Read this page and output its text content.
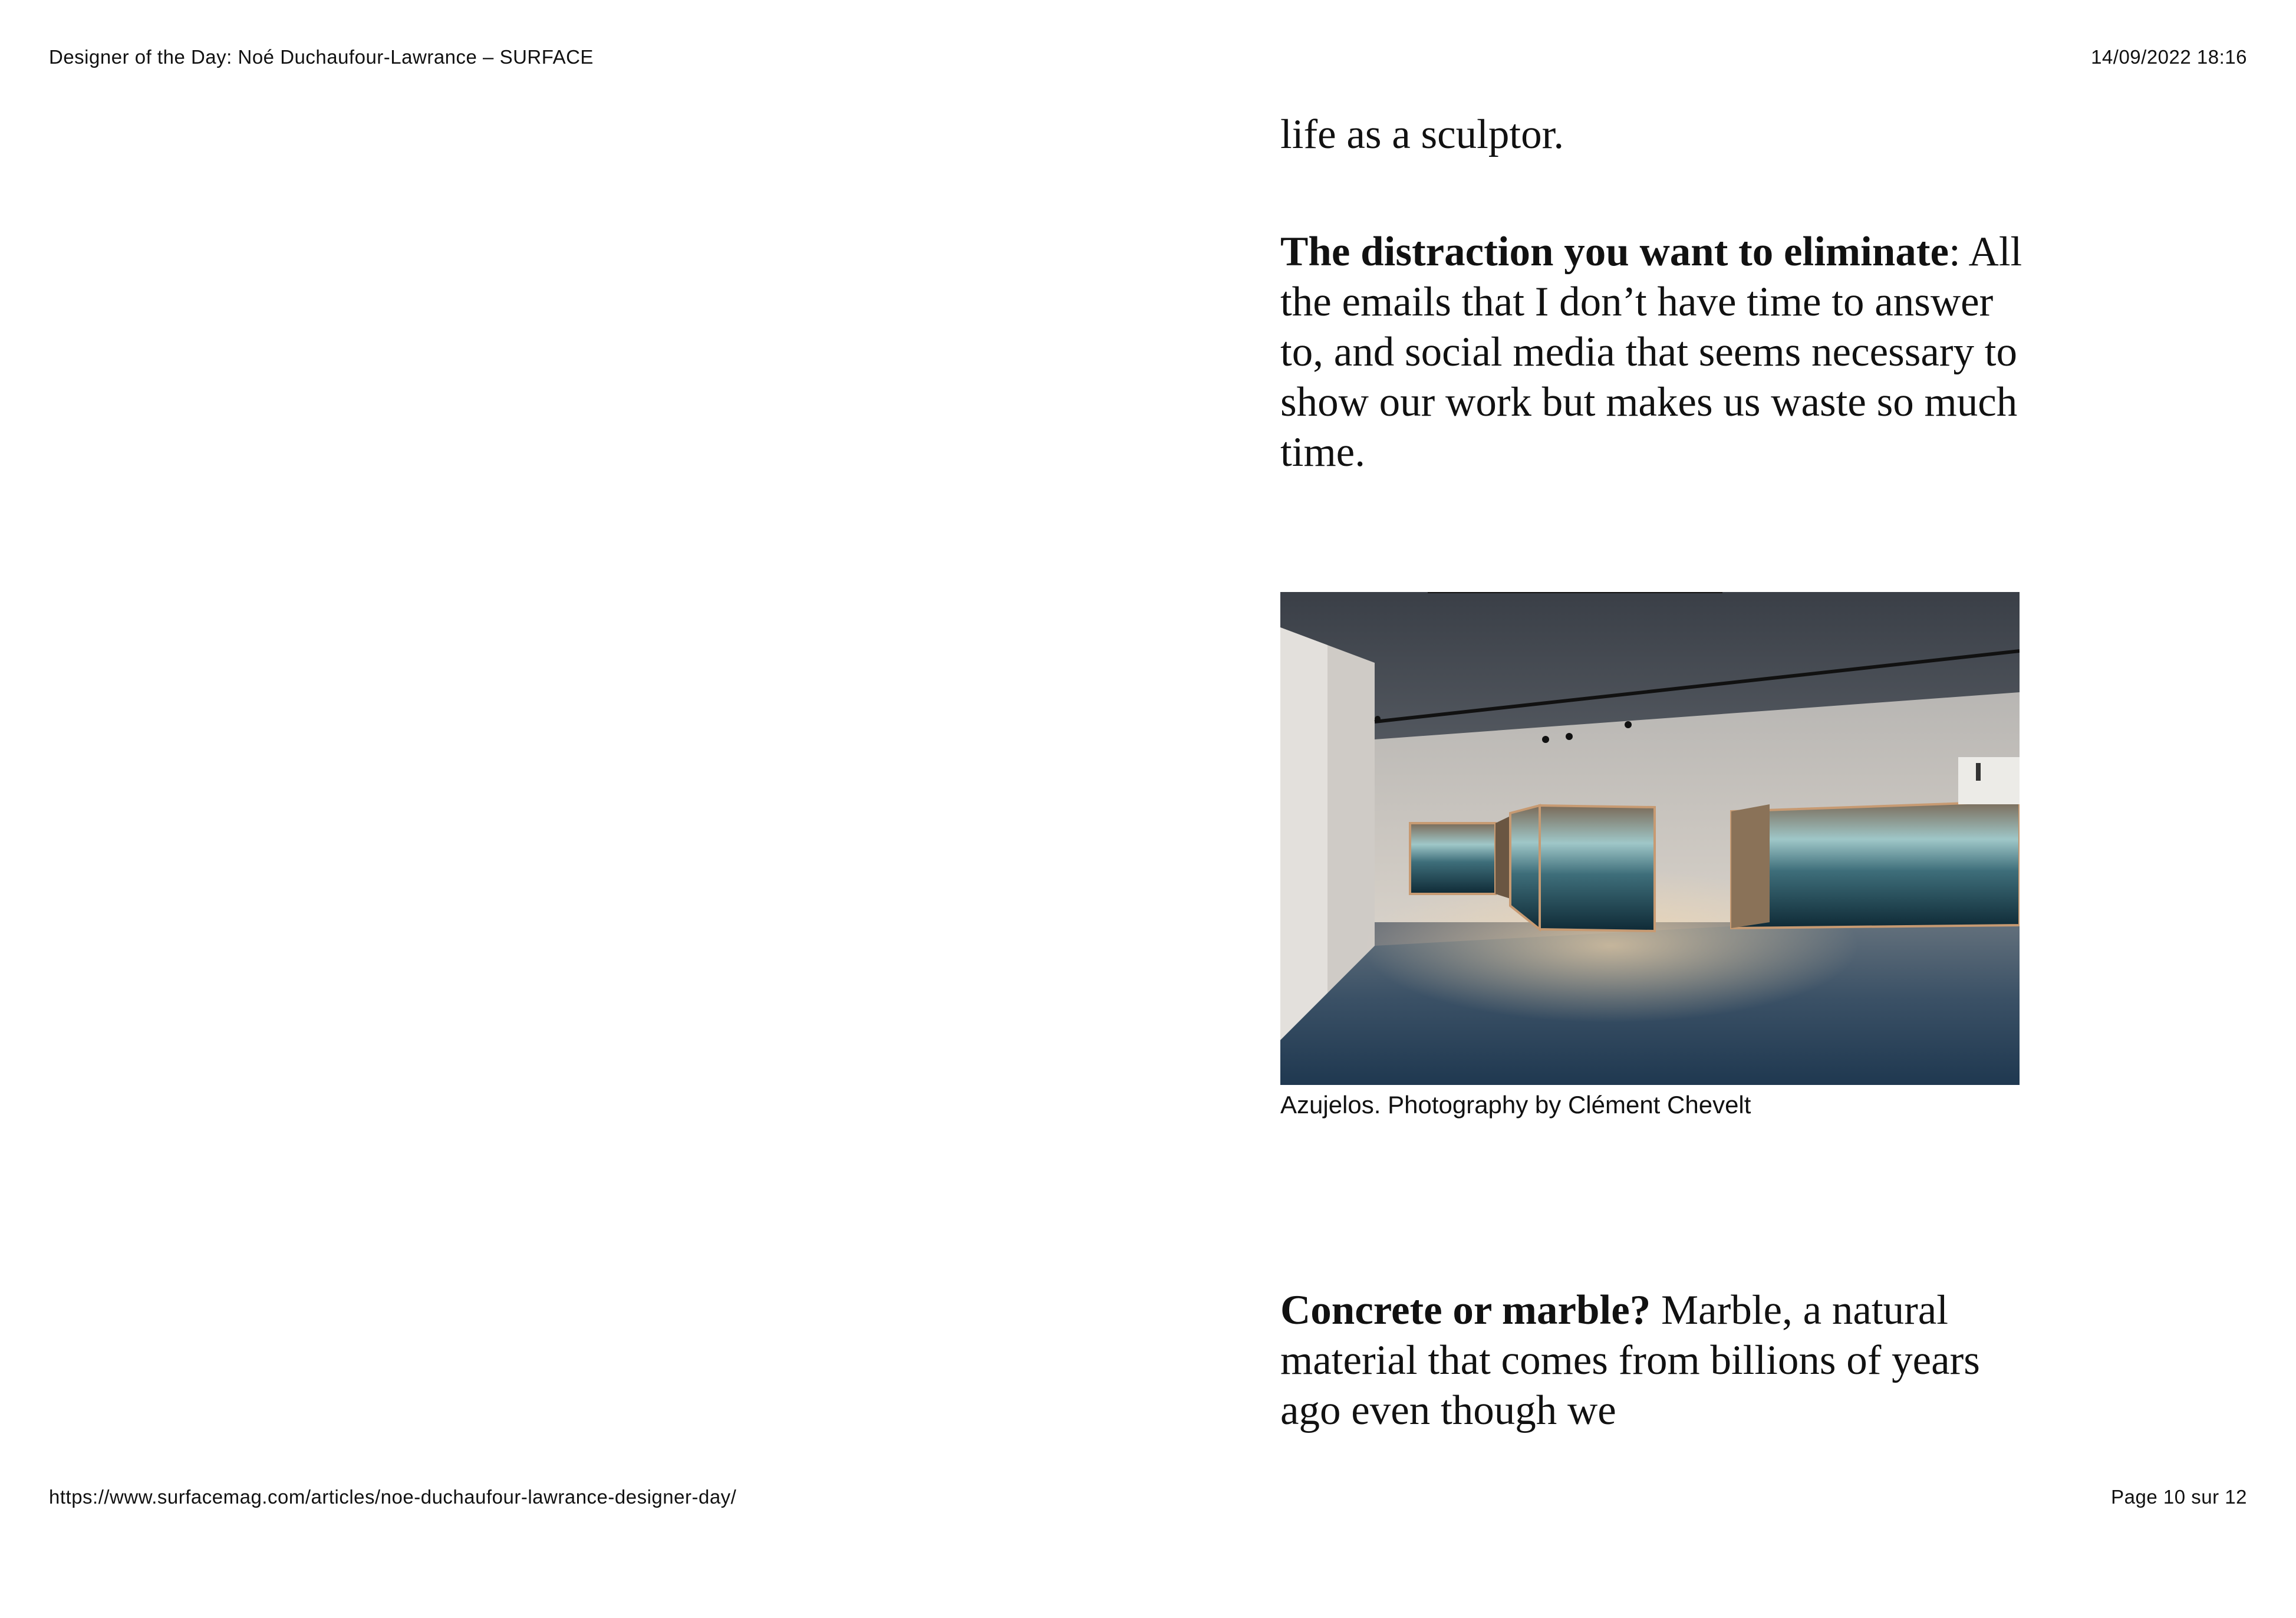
Designer of the Day: Noé Duchaufour-Lawrance – SURFACE	14/09/2022 18:16

life as a sculptor.

The distraction you want to eliminate: All the emails that I don’t have time to answer to, and social media that seems necessary to show our work but makes us waste so much time.

Azujelos. Photography by Clément Chevelt

Concrete or marble? Marble, a natural material that comes from billions of years ago even though we

https://www.surfacemag.com/articles/noe-duchaufour-lawrance-designer-day/	Page 10 sur 12
